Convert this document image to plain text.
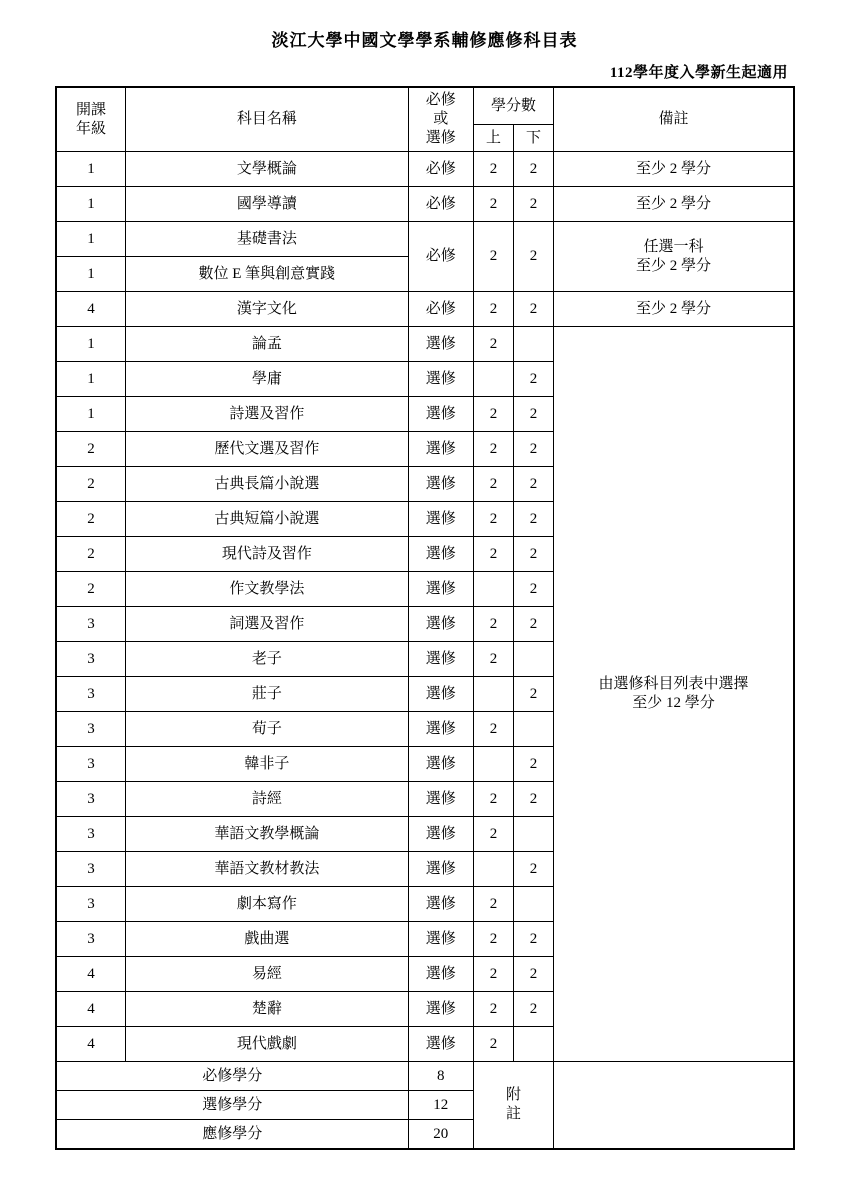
淡江大學中國文學學系輔修應修科目表
112學年度入學新生起適用
開課
年級	科目名稱	必修
或
選修	學分數		備註
			上	下	
1	文學概論	必修	2	2	至少 2 學分
1	國學導讀	必修	2	2	至少 2 學分
1	基礎書法	必修	2	2	任選一科
至少 2 學分

1	數位 E 筆與創意實踐				
4	漢字文化	必修	2	2	至少 2 學分
1	論孟	選修	2		由選修科目列表中選擇
至少 12 學分

1	學庸	選修		2	
1	詩選及習作	選修	2	2	
2	歷代文選及習作	選修	2	2	
2	古典長篇小說選	選修	2	2	
2	古典短篇小說選	選修	2	2	
2	現代詩及習作	選修	2	2	
2	作文教學法	選修		2	
3	詞選及習作	選修	2	2	
3	老子	選修	2		
3	莊子	選修		2	
3	荀子	選修	2		
3	韓非子	選修		2	
3	詩經	選修	2	2	
3	華語文教學概論	選修	2		
3	華語文教材教法	選修		2	
3	劇本寫作	選修	2		
3	戲曲選	選修	2	2	
4	易經	選修	2	2	
4	楚辭	選修	2	2	
4	現代戲劇	選修	2		
必修學分		8	附
註		

選修學分		12			
應修學分		20			
